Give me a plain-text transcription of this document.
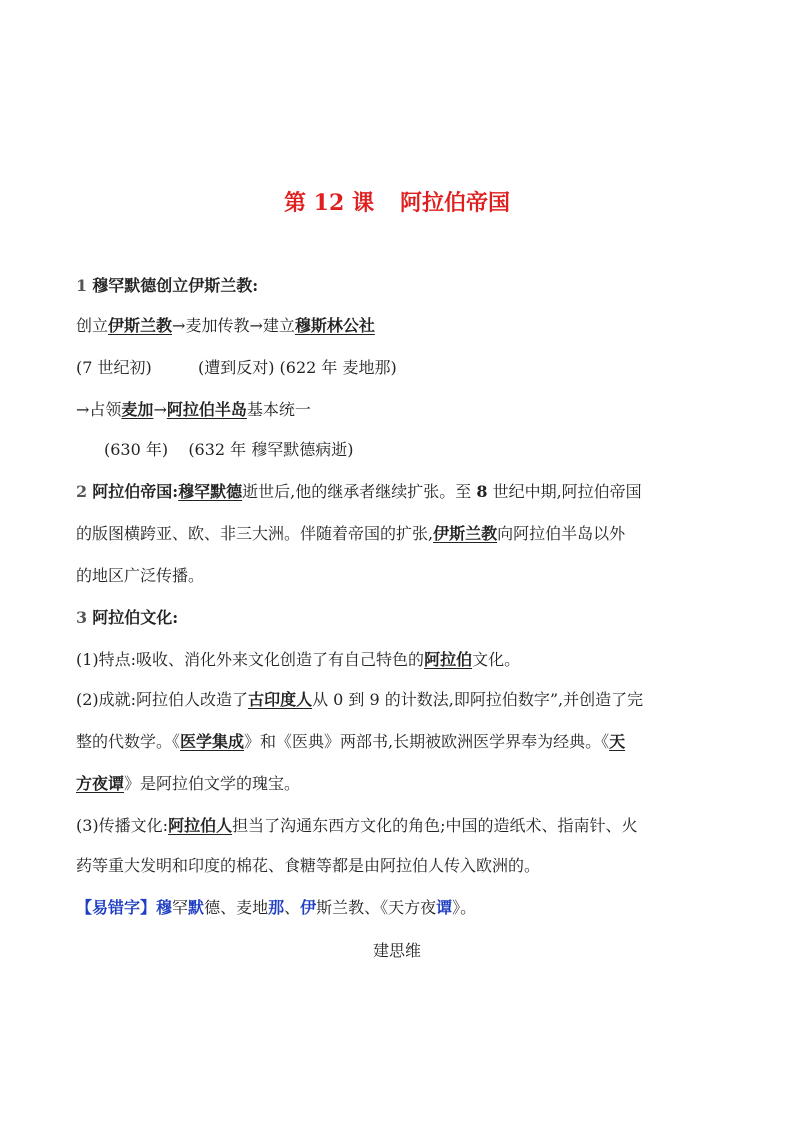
第 12 课 阿拉伯帝国
1 穆罕默德创立伊斯兰教:
创立伊斯兰教→麦加传教→建立穆斯林公社
(7 世纪初)	(遭到反对) (622 年 麦地那)
→占领麦加→阿拉伯半岛基本统一
(630 年) (632 年 穆罕默德病逝)
2 阿拉伯帝国:穆罕默德逝世后,他的继承者继续扩张。至 8 世纪中期,阿拉伯帝国
的版图横跨亚、欧、非三大洲。伴随着帝国的扩张,伊斯兰教向阿拉伯半岛以外
的地区广泛传播。
3 阿拉伯文化:
(1)特点:吸收、消化外来文化创造了有自己特色的阿拉伯文化。
(2)成就:阿拉伯人改造了古印度人从 0 到 9 的计数法,即阿拉伯数字”,并创造了完
整的代数学。《医学集成》和《医典》两部书,长期被欧洲医学界奉为经典。《天
方夜谭》是阿拉伯文学的瑰宝。
(3)传播文化:阿拉伯人担当了沟通东西方文化的角色;中国的造纸术、指南针、火
药等重大发明和印度的棉花、食糖等都是由阿拉伯人传入欧洲的。
【易错字】穆罕默德、麦地那、伊斯兰教、《天方夜谭》。
建思维
